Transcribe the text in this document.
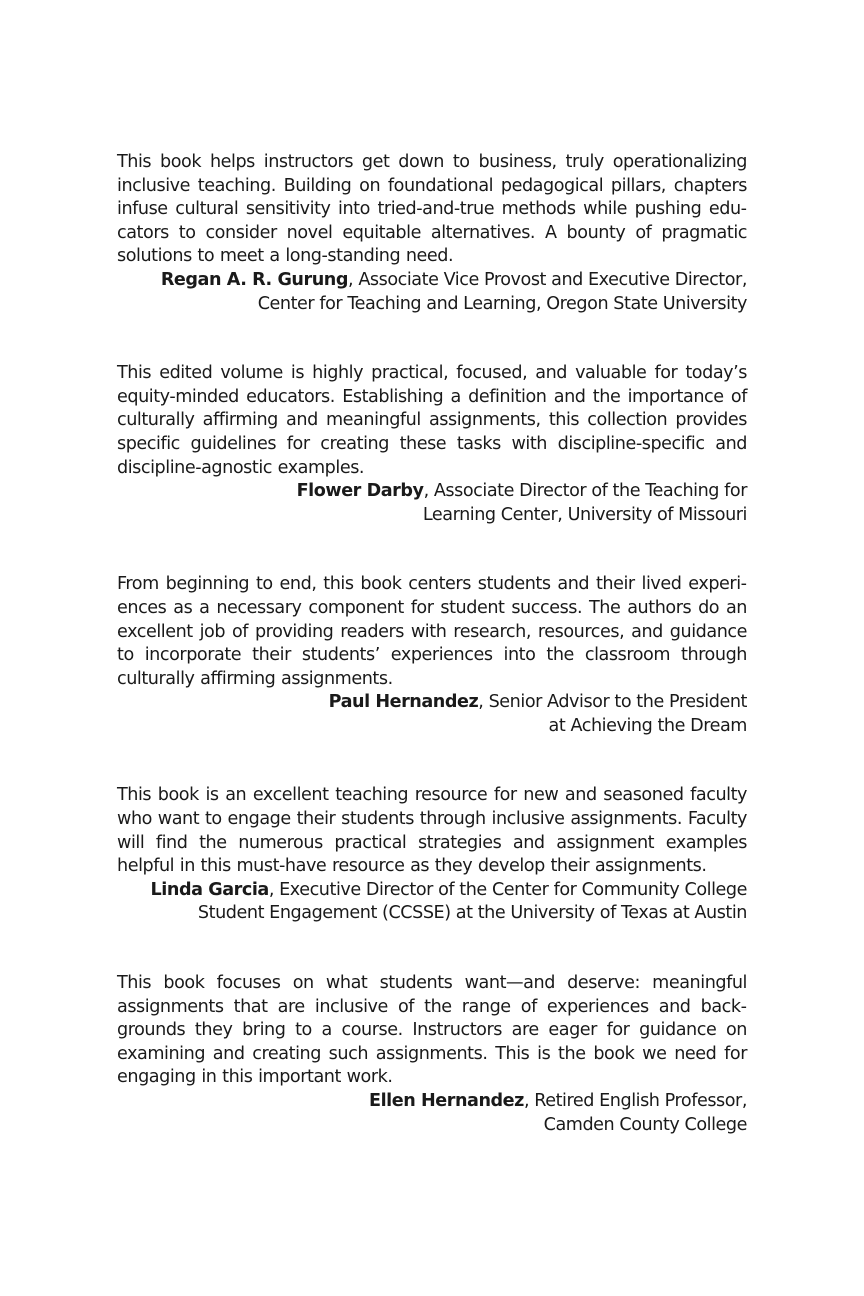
This book helps instructors get down to business, truly operationalizing inclusive teaching. Building on foundational pedagogical pillars, chapters infuse cultural sensitivity into tried-and-true methods while pushing educators to consider novel equitable alternatives. A bounty of pragmatic solutions to meet a long-standing need.

Regan A. R. Gurung, Associate Vice Provost and Executive Director,
Center for Teaching and Learning, Oregon State University

This edited volume is highly practical, focused, and valuable for today’s equity-minded educators. Establishing a definition and the importance of culturally affirming and meaningful assignments, this collection provides specific guidelines for creating these tasks with discipline-specific and discipline-agnostic examples.

Flower Darby, Associate Director of the Teaching for
Learning Center, University of Missouri

From beginning to end, this book centers students and their lived experiences as a necessary component for student success. The authors do an excellent job of providing readers with research, resources, and guidance to incorporate their students’ experiences into the classroom through culturally affirming assignments.

Paul Hernandez, Senior Advisor to the President
at Achieving the Dream

This book is an excellent teaching resource for new and seasoned faculty who want to engage their students through inclusive assignments. Faculty will find the numerous practical strategies and assignment examples helpful in this must-have resource as they develop their assignments.

Linda Garcia, Executive Director of the Center for Community College
Student Engagement (CCSSE) at the University of Texas at Austin

This book focuses on what students want—and deserve: meaningful assignments that are inclusive of the range of experiences and backgrounds they bring to a course. Instructors are eager for guidance on examining and creating such assignments. This is the book we need for engaging in this important work.

Ellen Hernandez, Retired English Professor,
Camden County College
